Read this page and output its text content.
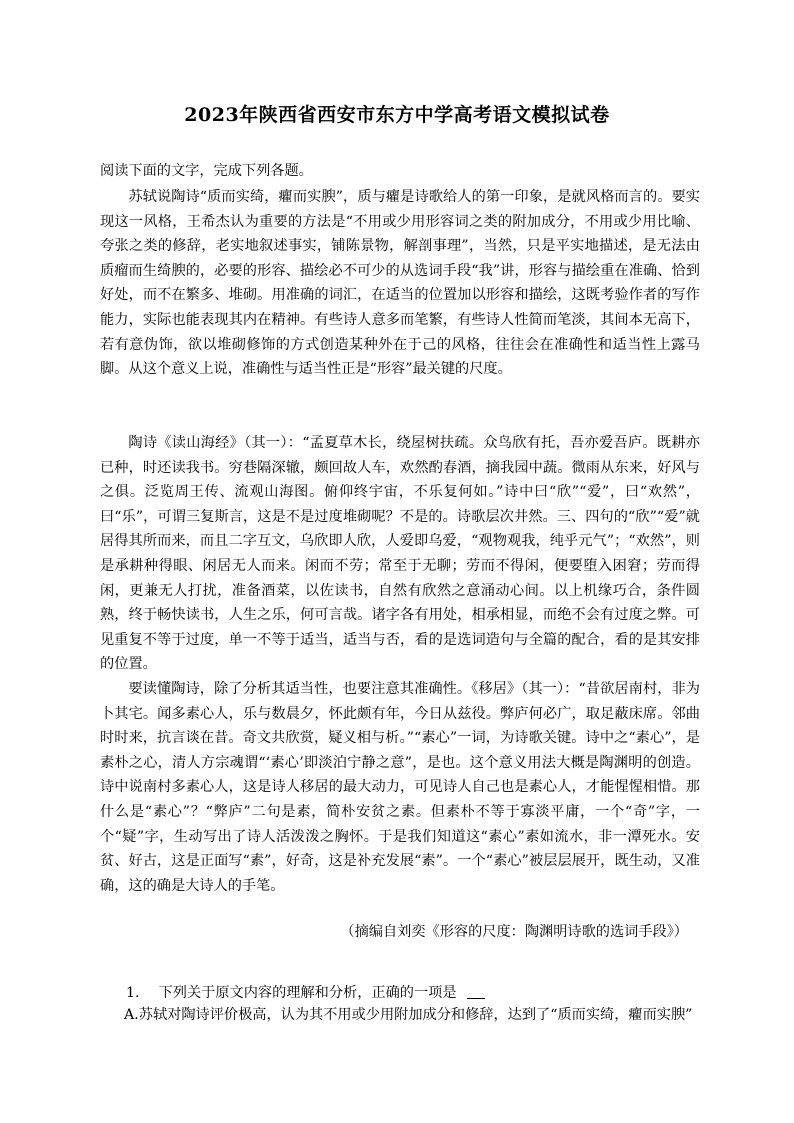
2023年陕西省西安市东方中学高考语文模拟试卷
阅读下面的文字，完成下列各题。

苏轼说陶诗“质而实绮，癯而实腴”，质与癯是诗歌给人的第一印象，是就风格而言的。要实现这一风格，王希杰认为重要的方法是“不用或少用形容词之类的附加成分，不用或少用比喻、夸张之类的修辞，老实地叙述事实，铺陈景物，解剖事理”，当然，只是平实地描述，是无法由质瘤而生绮腴的，必要的形容、描绘必不可少的从选词手段“我”讲，形容与描绘重在准确、恰到好处，而不在繁多、堆砌。用准确的词汇，在适当的位置加以形容和描绘，这既考验作者的写作能力，实际也能表现其内在精神。有些诗人意多而笔繁，有些诗人性简而笔淡，其间本无高下，若有意伪饰，欲以堆砌修饰的方式创造某种外在于己的风格，往往会在准确性和适当性上露马脚。从这个意义上说，准确性与适当性正是“形容”最关键的尺度。

陶诗《读山海经》（其一）：“孟夏草木长，绕屋树扶疏。众鸟欣有托，吾亦爱吾庐。既耕亦已种，时还读我书。穷巷隔深辙，颇回故人车，欢然酌春酒，摘我园中蔬。微雨从东来，好风与之俱。泛览周王传、流观山海图。俯仰终宇宙，不乐复何如。”诗中曰“欣”“爱”，曰“欢然”，曰“乐”，可谓三复斯言，这是不是过度堆砌呢？不是的。诗歌层次井然。三、四句的“欣”“爱”就居得其所而来，而且二字互文，乌欣即人欣，人爱即乌爱，“观物观我，纯乎元气”；“欢然”，则是承耕种得眼、闲居无人而来。闲而不劳；常至于无聊；劳而不得闲，便要堕入困窘；劳而得闲，更兼无人打扰，准备酒菜，以佐读书，自然有欣然之意涌动心间。以上机缘巧合，条件圆熟，终于畅快读书，人生之乐，何可言哉。诸字各有用处，相承相显，而绝不会有过度之弊。可见重复不等于过度，单一不等于适当，适当与否，看的是选词造句与全篇的配合，看的是其安排的位置。

要读懂陶诗，除了分析其适当性，也要注意其准确性。《移居》（其一）：“昔欲居南村，非为卜其宅。闻多素心人，乐与数晨夕，怀此颇有年，今日从兹役。弊庐何必广，取足蔽床席。邻曲时时来，抗言谈在昔。奇文共欣赏，疑义相与析。”“素心”一词，为诗歌关键。诗中之“素心”，是素朴之心，清人方宗魂谓“‘素心’即淡泊宁静之意”，是也。这个意义用法大概是陶渊明的创造。诗中说南村多素心人，这是诗人移居的最大动力，可见诗人自己也是素心人，才能惺惺相惜。那什么是“素心”？“弊庐”二句是素，简朴安贫之素。但素朴不等于寡淡平庸，一个“奇”字，一个“疑”字，生动写出了诗人活泼泼之胸怀。于是我们知道这“素心”素如流水，非一潭死水。安贫、好古，这是正面写“素”，好奇，这是补充发展“素”。一个“素心”被层层展开，既生动，又准确，这的确是大诗人的手笔。

（摘编自刘奕《形容的尺度：陶渊明诗歌的选词手段》）
1. 下列关于原文内容的理解和分析，正确的一项是
A.苏轼对陶诗评价极高，认为其不用或少用附加成分和修辞，达到了“质而实绮，癯而实腴”
